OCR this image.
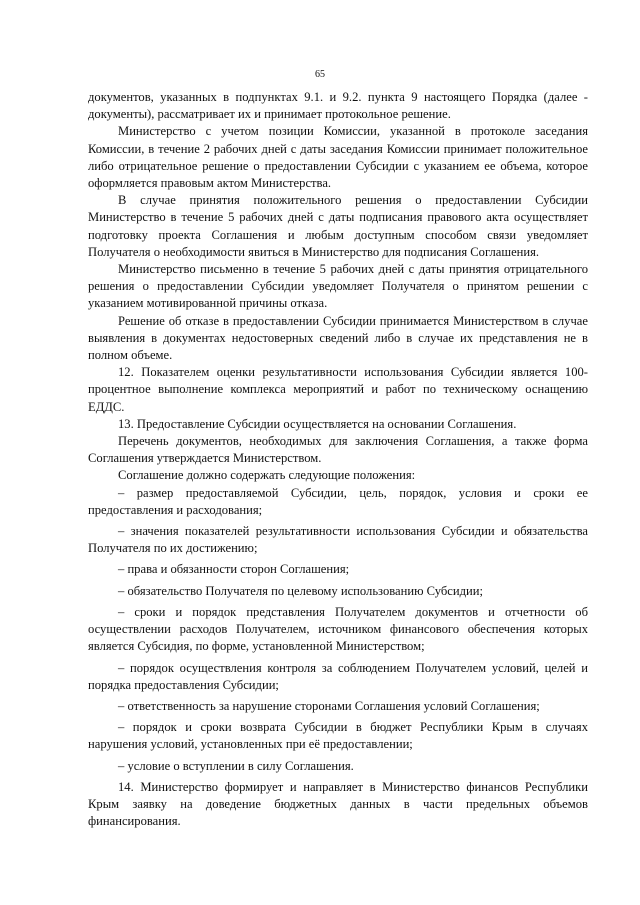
65

документов, указанных в подпунктах 9.1. и 9.2. пункта 9 настоящего Порядка (далее - документы), рассматривает их и принимает протокольное решение.

Министерство с учетом позиции Комиссии, указанной в протоколе заседания Комиссии, в течение 2 рабочих дней с даты заседания Комиссии принимает положительное либо отрицательное решение о предоставлении Субсидии с указанием ее объема, которое оформляется правовым актом Министерства.

В случае принятия положительного решения о предоставлении Субсидии Министерство в течение 5 рабочих дней с даты подписания правового акта осуществляет подготовку проекта Соглашения и любым доступным способом связи уведомляет Получателя о необходимости явиться в Министерство для подписания Соглашения.

Министерство письменно в течение 5 рабочих дней с даты принятия отрицательного решения о предоставлении Субсидии уведомляет Получателя о принятом решении с указанием мотивированной причины отказа.

Решение об отказе в предоставлении Субсидии принимается Министерством в случае выявления в документах недостоверных сведений либо в случае их представления не в полном объеме.

12. Показателем оценки результативности использования Субсидии является 100-процентное выполнение комплекса мероприятий и работ по техническому оснащению ЕДДС.

13. Предоставление Субсидии осуществляется на основании Соглашения.

Перечень документов, необходимых для заключения Соглашения, а также форма Соглашения утверждается Министерством.

Соглашение должно содержать следующие положения:

– размер предоставляемой Субсидии, цель, порядок, условия и сроки ее предоставления и расходования;

– значения показателей результативности использования Субсидии и обязательства Получателя по их достижению;

– права и обязанности сторон Соглашения;

– обязательство Получателя по целевому использованию Субсидии;

– сроки и порядок представления Получателем документов и отчетности об осуществлении расходов Получателем, источником финансового обеспечения которых является Субсидия, по форме, установленной Министерством;

– порядок осуществления контроля за соблюдением Получателем условий, целей и порядка предоставления Субсидии;

– ответственность за нарушение сторонами Соглашения условий Соглашения;

– порядок и сроки возврата Субсидии в бюджет Республики Крым в случаях нарушения условий, установленных при её предоставлении;

– условие о вступлении в силу Соглашения.

14. Министерство формирует и направляет в Министерство финансов Республики Крым заявку на доведение бюджетных данных в части предельных объемов финансирования.
